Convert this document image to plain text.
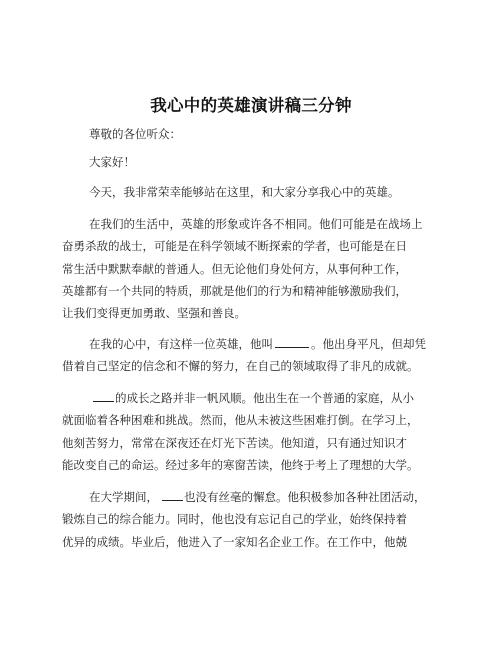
我心中的英雄演讲稿三分钟
尊敬的各位听众：
大家好！
今天，我非常荣幸能够站在这里，和大家分享我心中的英雄。
在我们的生活中，英雄的形象或许各不相同。他们可能是在战场上
奋勇杀敌的战士，可能是在科学领域不断探索的学者，也可能是在日
常生活中默默奉献的普通人。但无论他们身处何方，从事何种工作，
英雄都有一个共同的特质，那就是他们的行为和精神能够激励我们，
让我们变得更加勇敢、坚强和善良。
在我的心中，有这样一位英雄，他叫	。他出身平凡，但却凭
借着自己坚定的信念和不懈的努力，在自己的领域取得了非凡的成就。
的成长之路并非一帆风顺。他出生在一个普通的家庭，从小
就面临着各种困难和挑战。然而，他从未被这些困难打倒。在学习上，
他刻苦努力，常常在深夜还在灯光下苦读。他知道，只有通过知识才
能改变自己的命运。经过多年的寒窗苦读，他终于考上了理想的大学。
在大学期间， 也没有丝毫的懈怠。他积极参加各种社团活动，
锻炼自己的综合能力。同时，他也没有忘记自己的学业，始终保持着
优异的成绩。毕业后，他进入了一家知名企业工作。在工作中，他兢
